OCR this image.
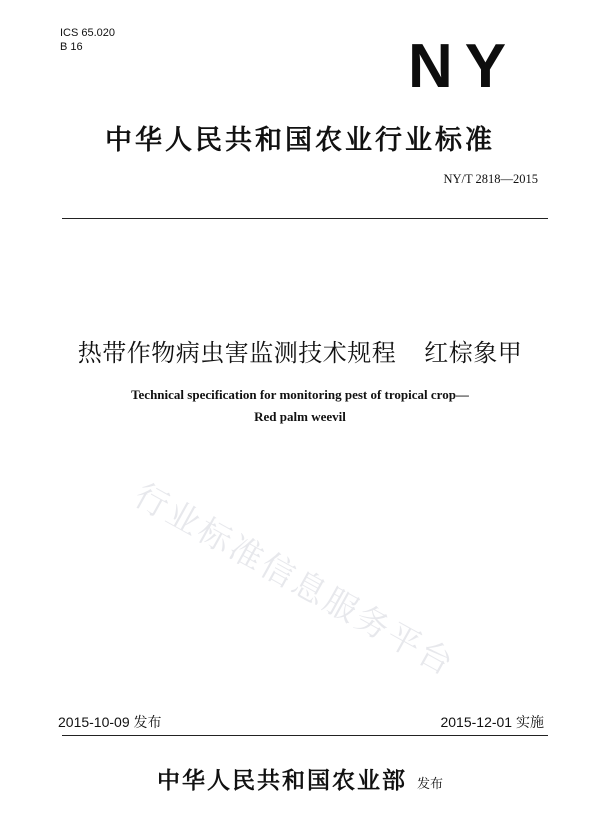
ICS 65.020
B 16	NY
中华人民共和国农业行业标准
NY/T 2818—2015
热带作物病虫害监测技术规程 红棕象甲
Technical specification for monitoring pest of tropical crop—
Red palm weevil
行业标准信息服务平台
2015-10-09 发布	2015-12-01 实施
中华人民共和国农业部 发布
